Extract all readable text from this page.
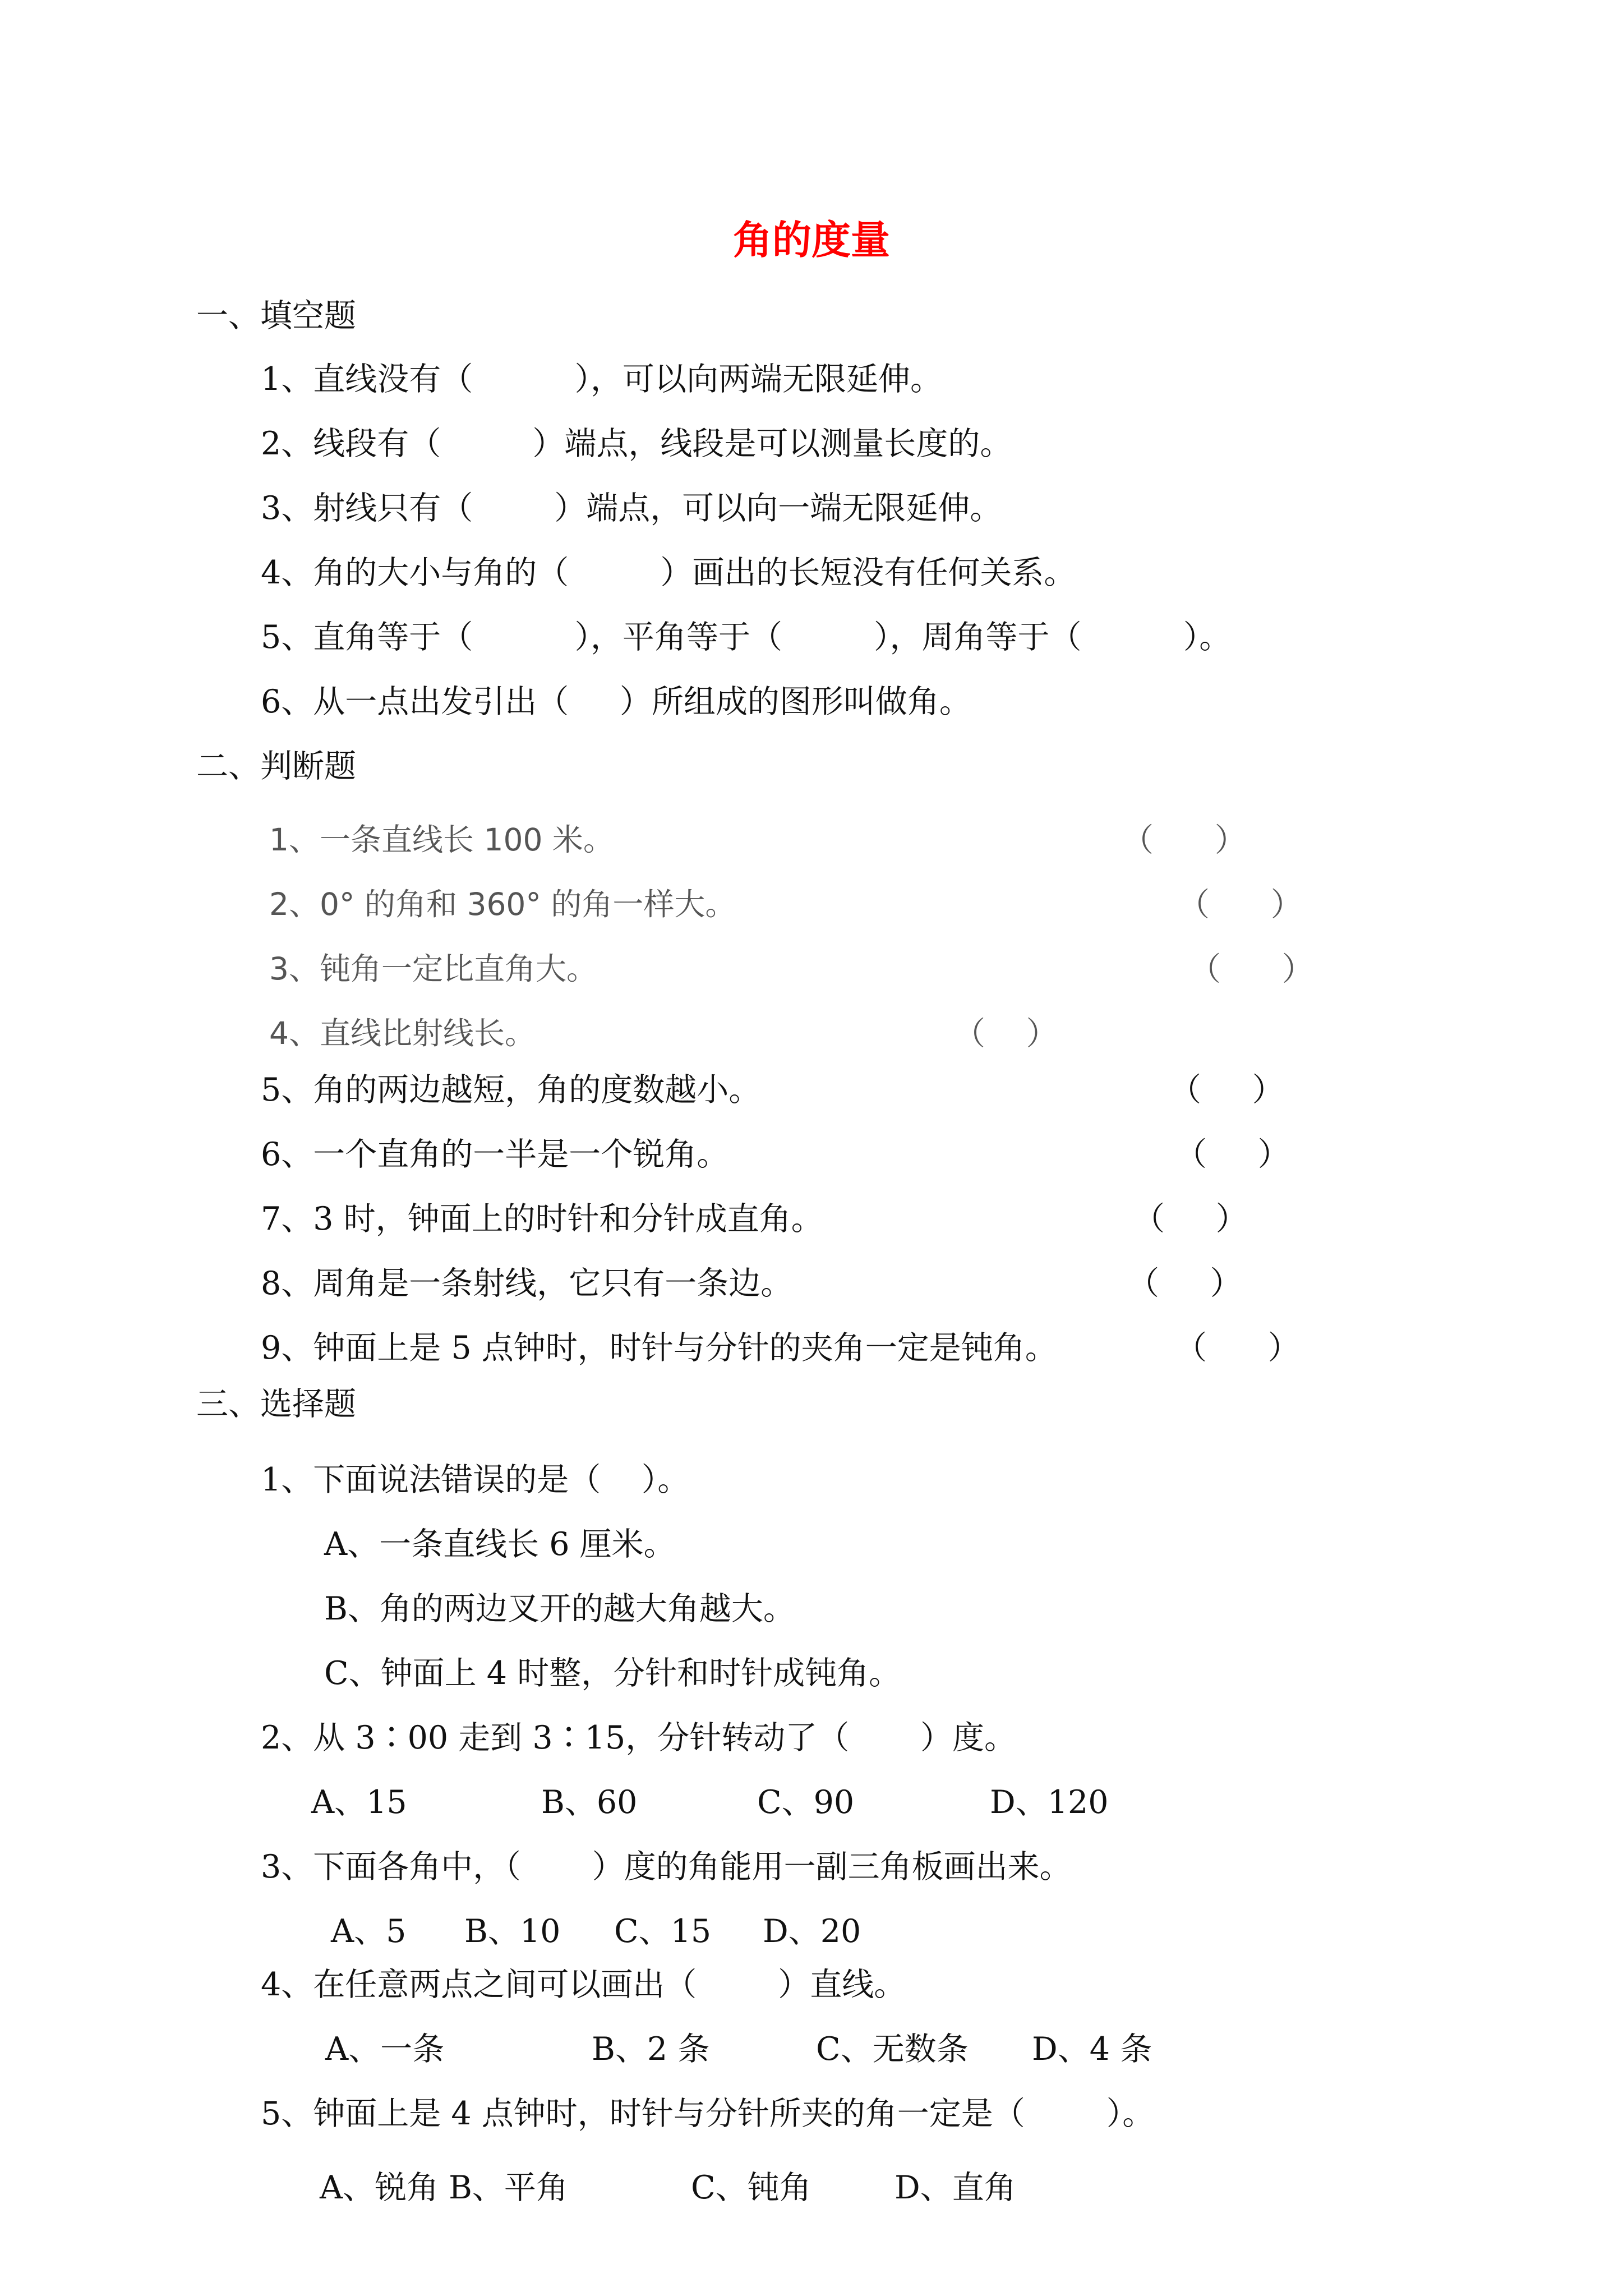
角的度量
一、填空题
1、直线没有（          ），可以向两端无限延伸。
2、线段有（         ）端点，线段是可以测量长度的。
3、射线只有（        ）端点，可以向一端无限延伸。
4、角的大小与角的（         ）画出的长短没有任何关系。
5、直角等于（          ），平角等于（         ），周角等于（          ）。
6、从一点出发引出（     ）所组成的图形叫做角。
二、判断题
1、一条直线长 100 米。	（      ）
2、0° 的角和 360° 的角一样大。	（      ）
3、钝角一定比直角大。	（      ）
4、直线比射线长。	（    ）
5、角的两边越短，角的度数越小。	（     ）
6、一个直角的一半是一个锐角。	（     ）
7、3 时，钟面上的时针和分针成直角。	（     ）
8、周角是一条射线，它只有一条边。	（     ）
9、钟面上是 5 点钟时，时针与分针的夹角一定是钝角。	（      ）
三、选择题
1、下面说法错误的是（    ）。
A、一条直线长 6 厘米。
B、角的两边叉开的越大角越大。
C、钟面上 4 时整，分针和时针成钝角。
2、从 3∶00 走到 3∶15，分针转动了（       ）度。
A、15	B、60	C、90	D、120
3、下面各角中，（       ）度的角能用一副三角板画出来。
A、5 B、10 C、15 D、20
4、在任意两点之间可以画出（        ）直线。
A、一条	B、2 条	C、无数条 D、4 条
5、钟面上是 4 点钟时，时针与分针所夹的角一定是（        ）。
A、锐角 B、平角	C、钝角	D、直角
